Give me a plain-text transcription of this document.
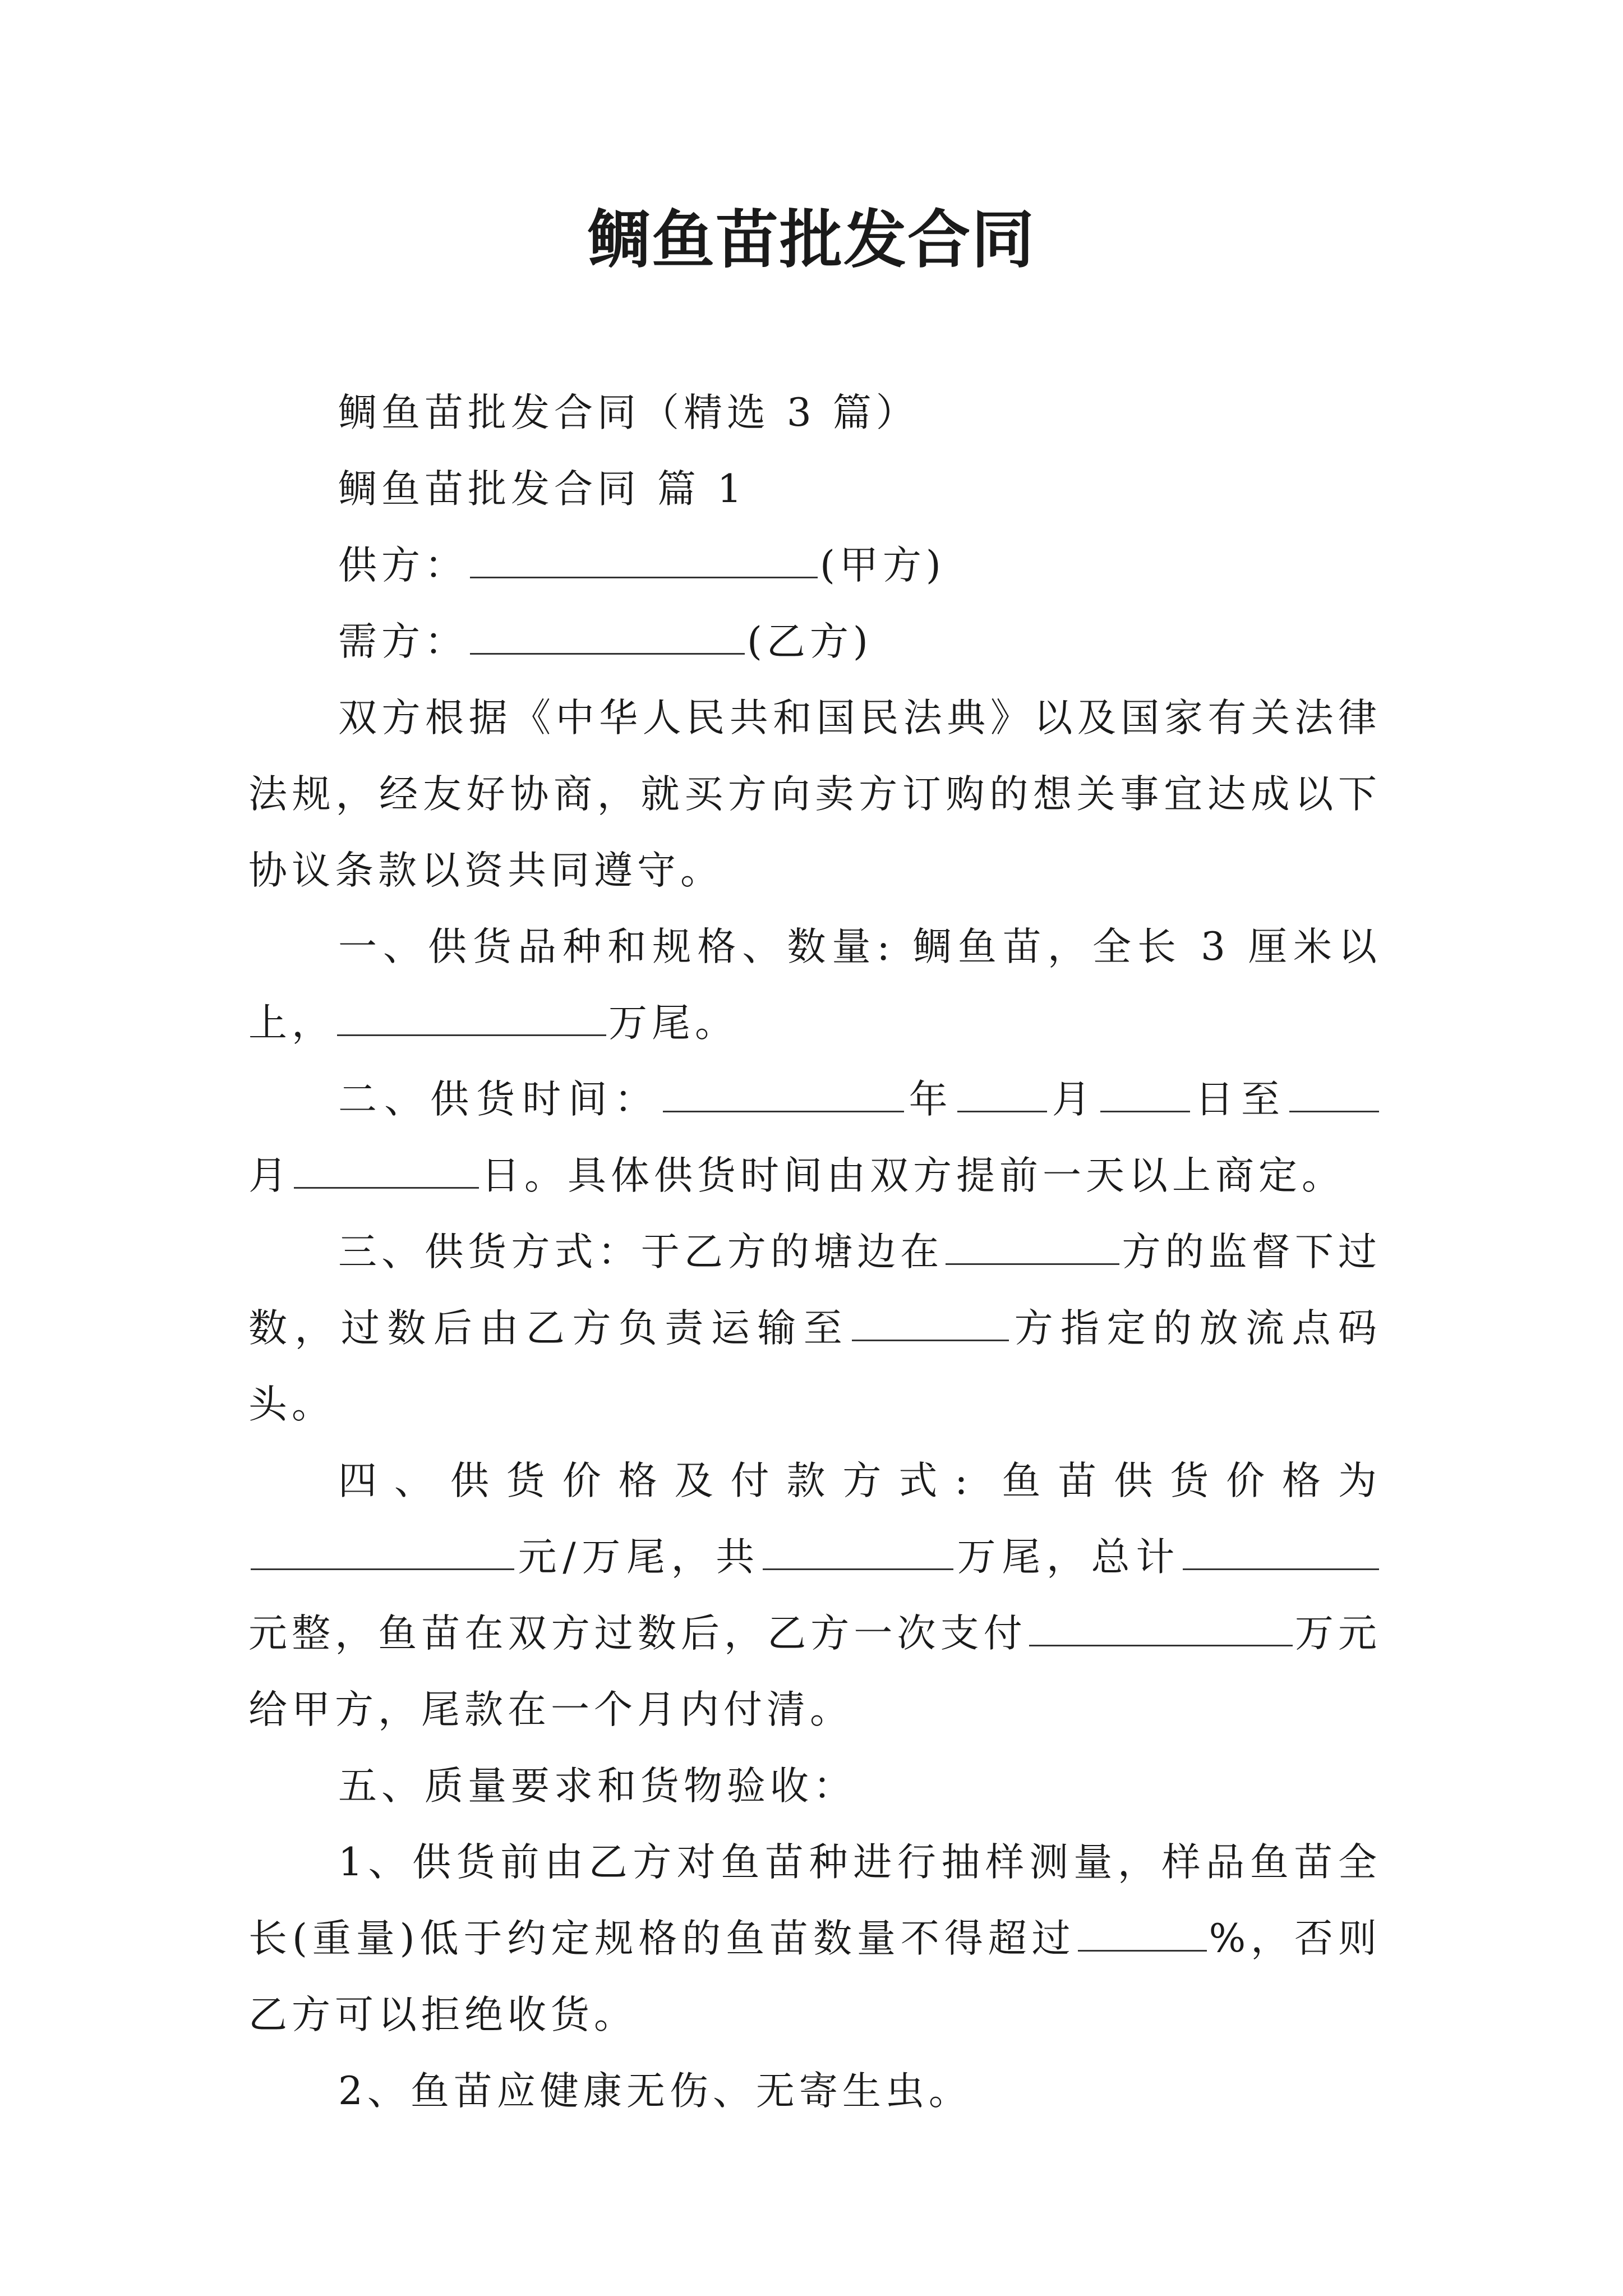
鲷鱼苗批发合同

鲷鱼苗批发合同（精选 3 篇）

鲷鱼苗批发合同 篇 1

供方：	(甲方)

需方：	(乙方)

双方根据《中华人民共和国民法典》以及国家有关法律法规，经友好协商，就买方向卖方订购的想关事宜达成以下协议条款以资共同遵守。

一、供货品种和规格、数量: 鲷鱼苗，全长 3 厘米以上，	万尾。

二、供货时间：	年 月 日至月	日。具体供货时间由双方提前一天以上商定。

三、供货方式：于乙方的塘边在	方的监督下过数，过数后由乙方负责运输至	方指定的放流点码头。

四、供货价格及付款方式: 鱼苗供货价格为元/万尾，共	万尾，总计元整，鱼苗在双方过数后，乙方一次支付	万元给甲方，尾款在一个月内付清。

五、质量要求和货物验收：

1、供货前由乙方对鱼苗种进行抽样测量，样品鱼苗全长(重量)低于约定规格的鱼苗数量不得超过	%，否则乙方可以拒绝收货。

2、鱼苗应健康无伤、无寄生虫。
